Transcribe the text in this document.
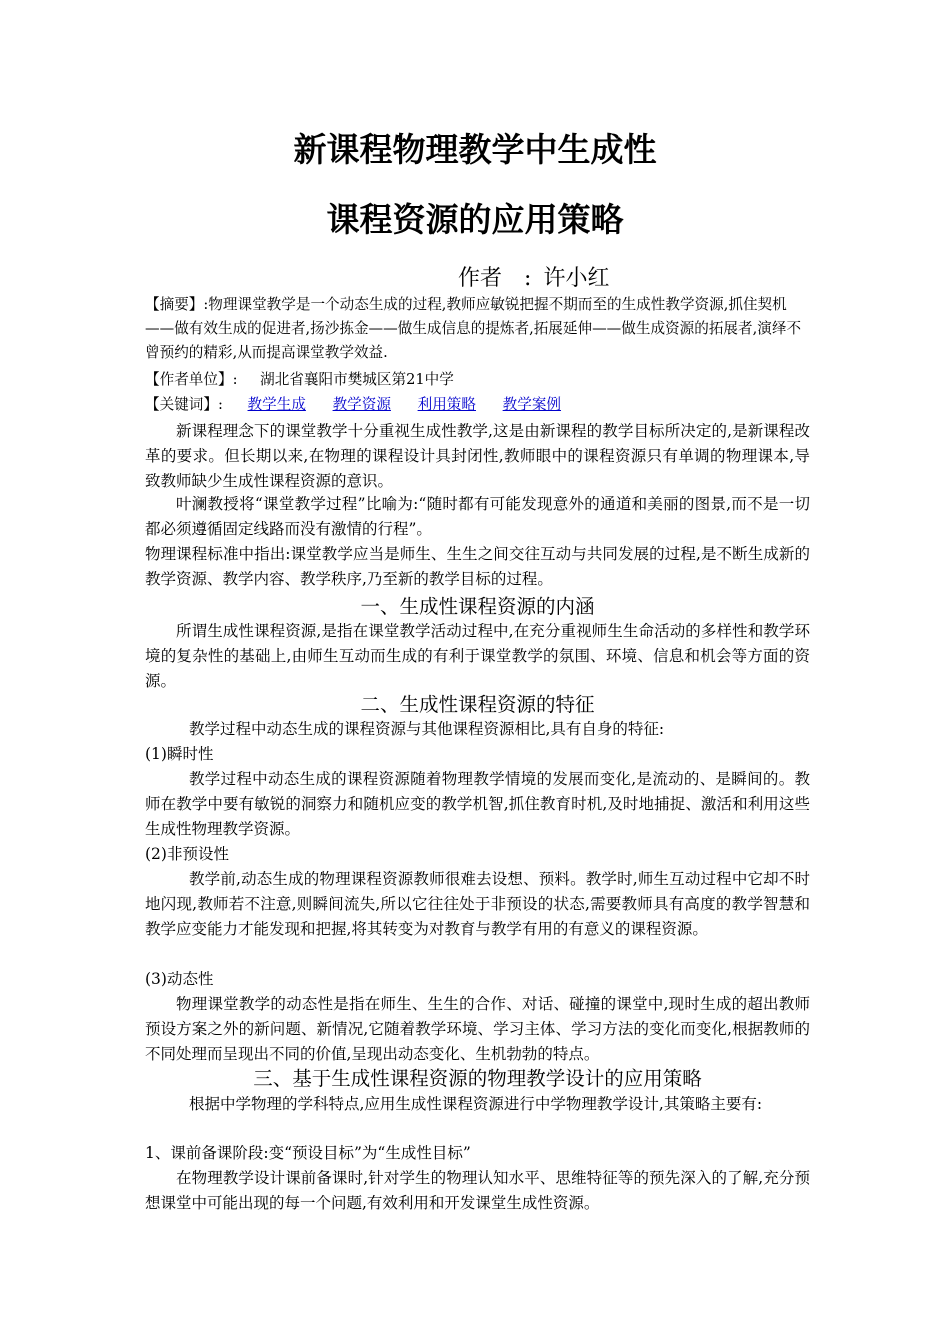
新课程物理教学中生成性
课程资源的应用策略
作者 : 许小红
【摘要】:物理课堂教学是一个动态生成的过程,教师应敏锐把握不期而至的生成性教学资源,抓住契机——做有效生成的促进者,扬沙拣金——做生成信息的提炼者,拓展延伸——做生成资源的拓展者,演绎不曾预约的精彩,从而提高课堂教学效益.
【作者单位】: 湖北省襄阳市樊城区第21中学
【关键词】: 教学生成 教学资源 利用策略 教学案例

新课程理念下的课堂教学十分重视生成性教学,这是由新课程的教学目标所决定的,是新课程改革的要求。但长期以来,在物理的课程设计具封闭性,教师眼中的课程资源只有单调的物理课本,导致教师缺少生成性课程资源的意识。

叶澜教授将“课堂教学过程”比喻为:“随时都有可能发现意外的通道和美丽的图景,而不是一切都必须遵循固定线路而没有激情的行程”。

物理课程标准中指出:课堂教学应当是师生、生生之间交往互动与共同发展的过程,是不断生成新的教学资源、教学内容、教学秩序,乃至新的教学目标的过程。

一、生成性课程资源的内涵

所谓生成性课程资源,是指在课堂教学活动过程中,在充分重视师生生命活动的多样性和教学环境的复杂性的基础上,由师生互动而生成的有利于课堂教学的氛围、环境、信息和机会等方面的资源。

二、生成性课程资源的特征

教学过程中动态生成的课程资源与其他课程资源相比,具有自身的特征:

(1)瞬时性

教学过程中动态生成的课程资源随着物理教学情境的发展而变化,是流动的、是瞬间的。教师在教学中要有敏锐的洞察力和随机应变的教学机智,抓住教育时机,及时地捕捉、激活和利用这些生成性物理教学资源。

(2)非预设性

教学前,动态生成的物理课程资源教师很难去设想、预料。教学时,师生互动过程中它却不时地闪现,教师若不注意,则瞬间流失,所以它往往处于非预设的状态,需要教师具有高度的教学智慧和教学应变能力才能发现和把握,将其转变为对教育与教学有用的有意义的课程资源。

(3)动态性

物理课堂教学的动态性是指在师生、生生的合作、对话、碰撞的课堂中,现时生成的超出教师预设方案之外的新问题、新情况,它随着教学环境、学习主体、学习方法的变化而变化,根据教师的不同处理而呈现出不同的价值,呈现出动态变化、生机勃勃的特点。

三、基于生成性课程资源的物理教学设计的应用策略

根据中学物理的学科特点,应用生成性课程资源进行中学物理教学设计,其策略主要有:

1、课前备课阶段:变“预设目标”为“生成性目标”

在物理教学设计课前备课时,针对学生的物理认知水平、思维特征等的预先深入的了解,充分预想课堂中可能出现的每一个问题,有效利用和开发课堂生成性资源。
